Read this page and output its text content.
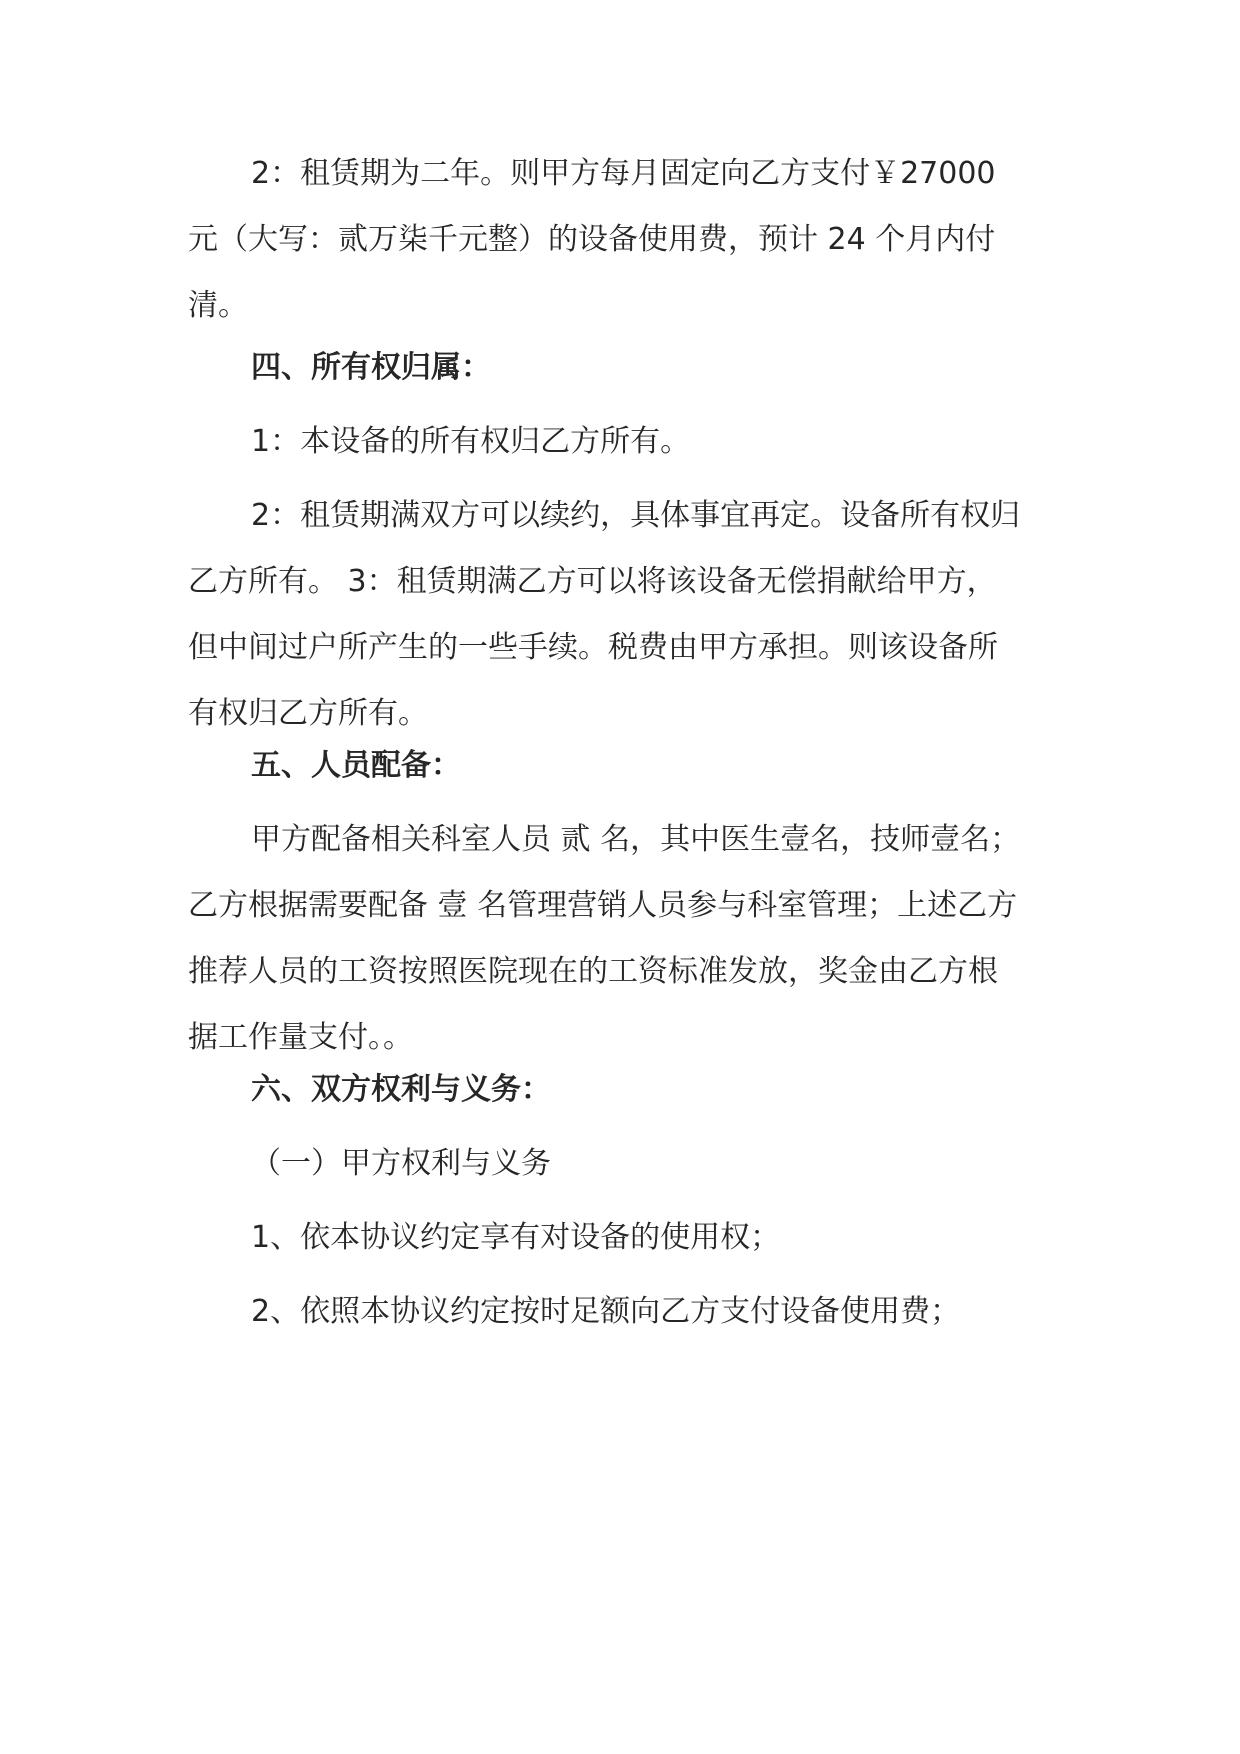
2：租赁期为二年。则甲方每月固定向乙方支付￥27000
元（大写：贰万柒千元整）的设备使用费，预计 24 个月内付
清。

四、所有权归属：

1：本设备的所有权归乙方所有。

2：租赁期满双方可以续约，具体事宜再定。设备所有权归
乙方所有。 3：租赁期满乙方可以将该设备无偿捐献给甲方，
但中间过户所产生的一些手续。税费由甲方承担。则该设备所
有权归乙方所有。

五、人员配备：

甲方配备相关科室人员 贰 名，其中医生壹名，技师壹名；
乙方根据需要配备 壹 名管理营销人员参与科室管理；上述乙方
推荐人员的工资按照医院现在的工资标准发放，奖金由乙方根
据工作量支付。。

六、双方权利与义务：

（一）甲方权利与义务

1、依本协议约定享有对设备的使用权；

2、依照本协议约定按时足额向乙方支付设备使用费；
